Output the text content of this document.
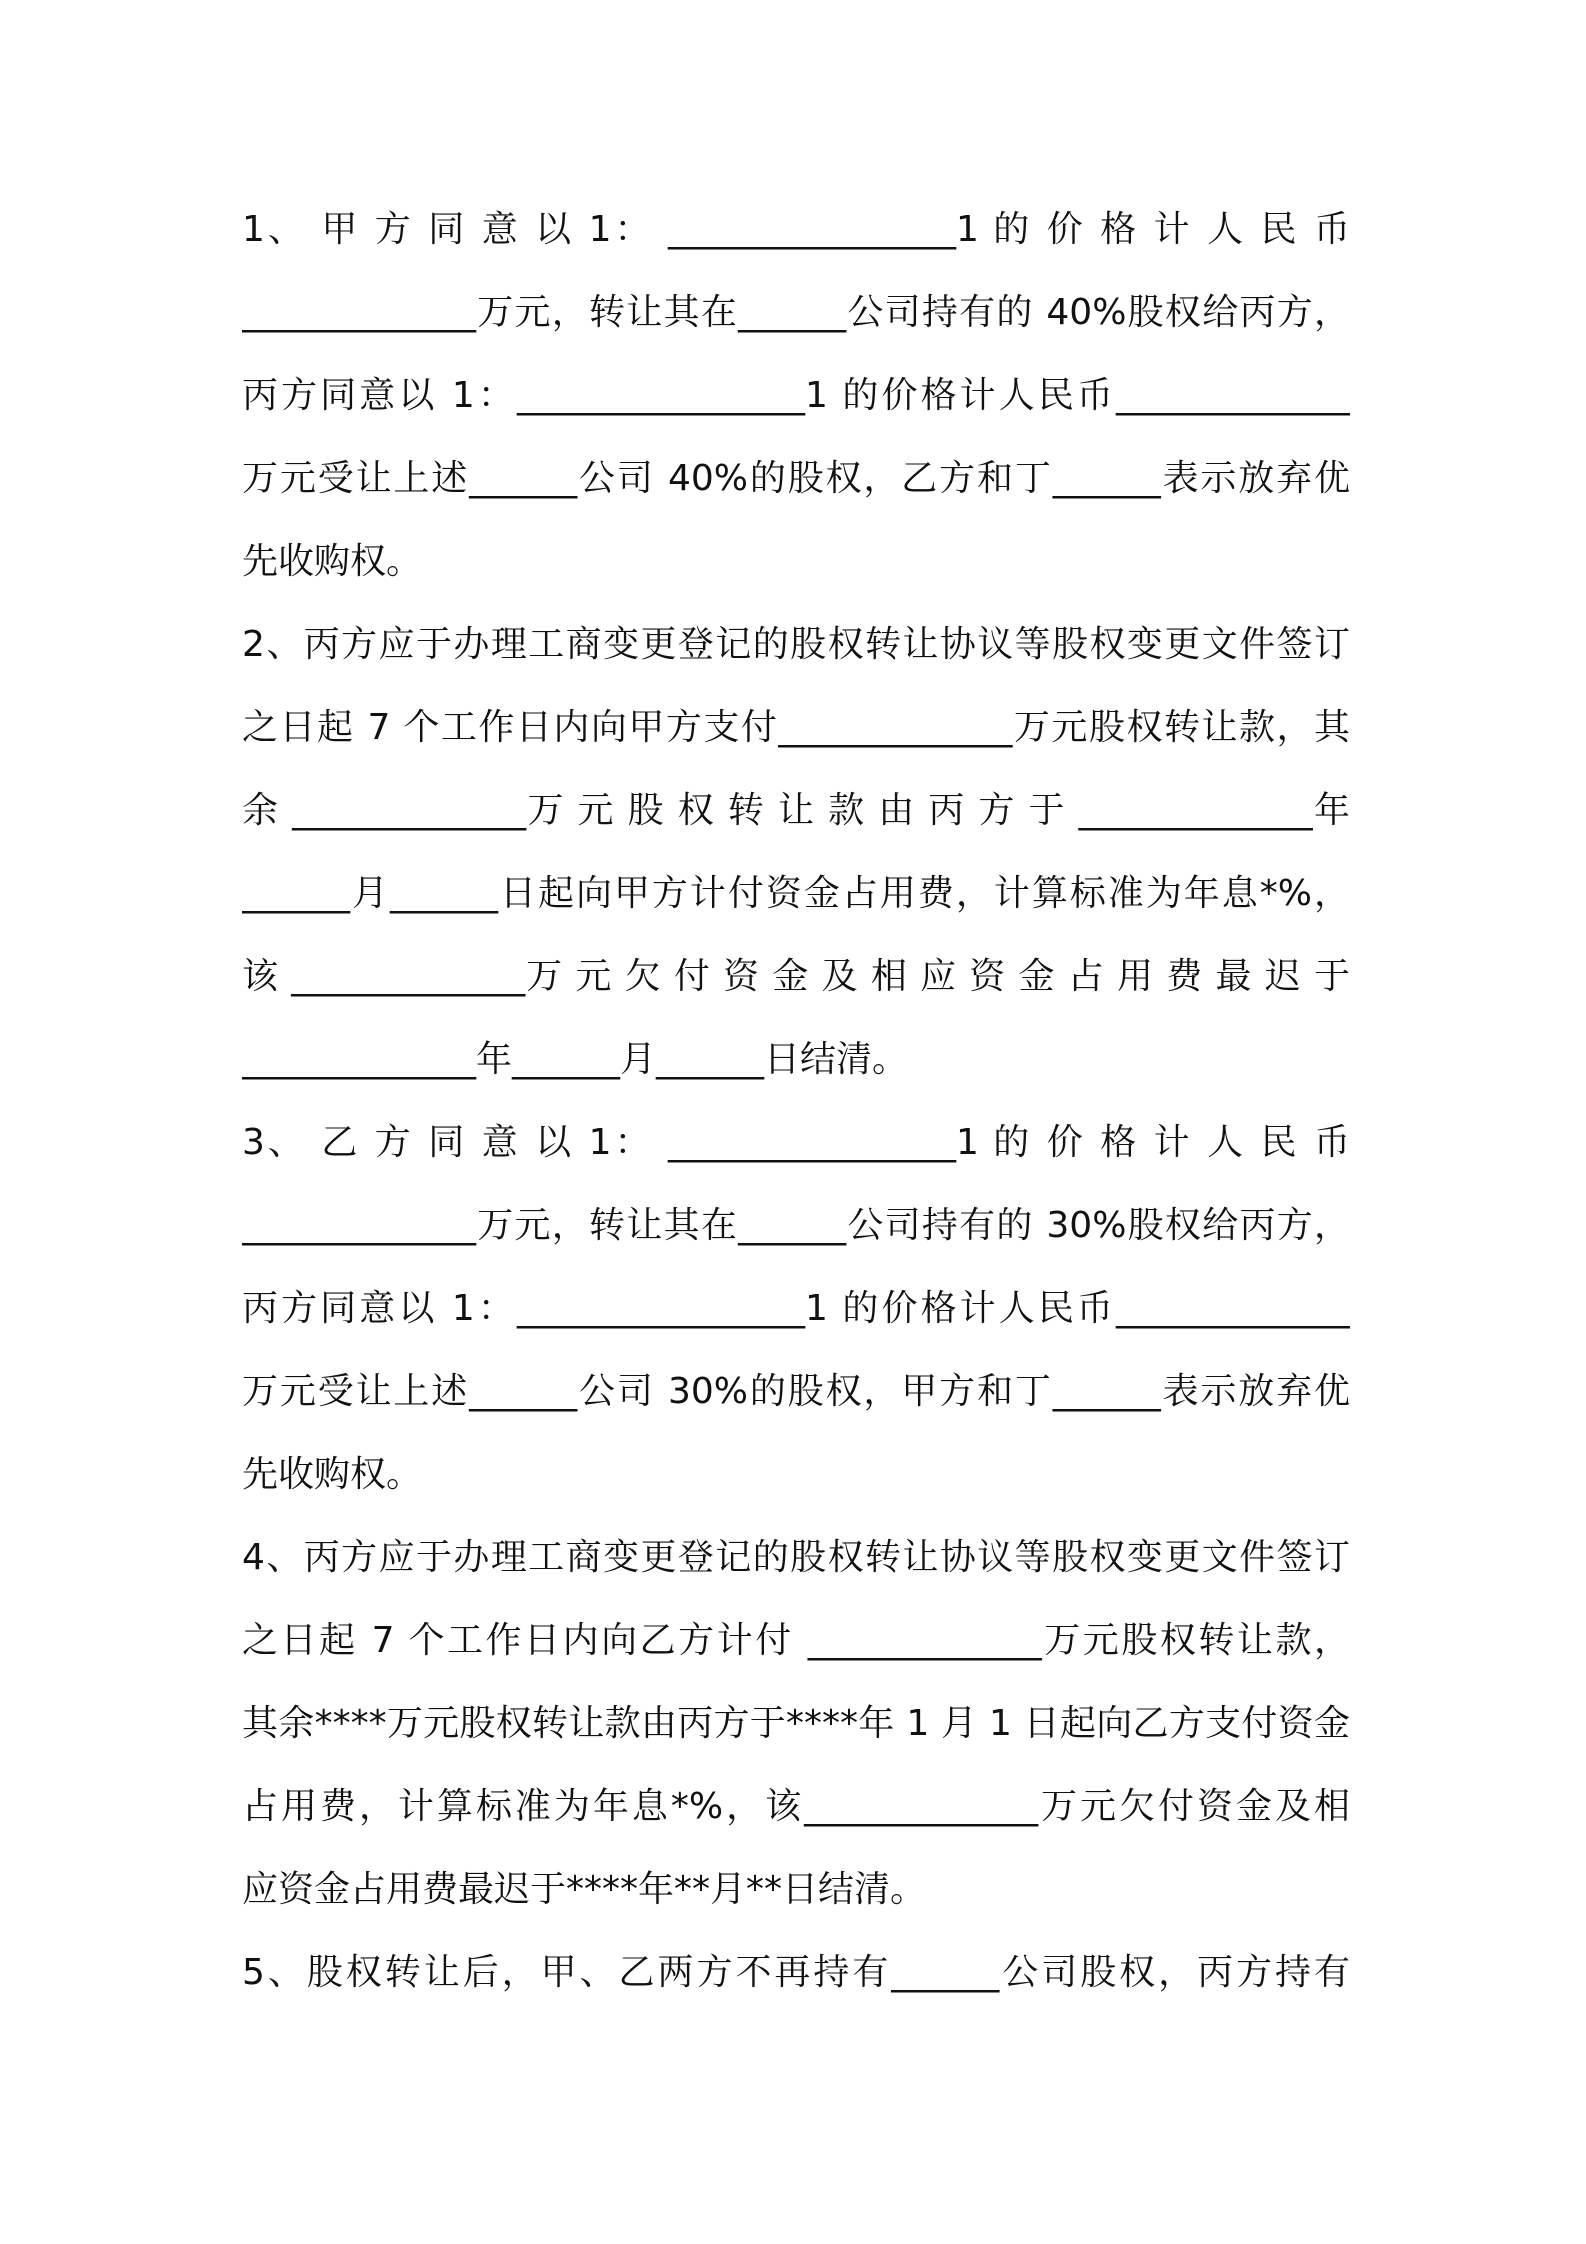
1、 甲 方 同 意 以 1： ________________1 的 价 格 计 人 民 币
_____________万元，转让其在______公司持有的 40%股权给丙方，
丙方同意以 1：________________1 的价格计人民币_____________
万元受让上述______公司 40%的股权，乙方和丁______表示放弃优
先收购权。
2、丙方应于办理工商变更登记的股权转让协议等股权变更文件签订
之日起 7 个工作日内向甲方支付_____________万元股权转让款，其
余 _____________万 元 股 权 转 让 款 由 丙 方 于 _____________年
______月______日起向甲方计付资金占用费，计算标准为年息*%，
该 _____________万 元 欠 付 资 金 及 相 应 资 金 占 用 费 最 迟 于
_____________年______月______日结清。
3、 乙 方 同 意 以 1： ________________1 的 价 格 计 人 民 币
_____________万元，转让其在______公司持有的 30%股权给丙方，
丙方同意以 1：________________1 的价格计人民币_____________
万元受让上述______公司 30%的股权，甲方和丁______表示放弃优
先收购权。
4、丙方应于办理工商变更登记的股权转让协议等股权变更文件签订
之日起 7 个工作日内向乙方计付 _____________万元股权转让款，
其余****万元股权转让款由丙方于****年 1 月 1 日起向乙方支付资金
占用费，计算标准为年息*%，该_____________万元欠付资金及相
应资金占用费最迟于****年**月**日结清。
5、股权转让后，甲、乙两方不再持有______公司股权，丙方持有
